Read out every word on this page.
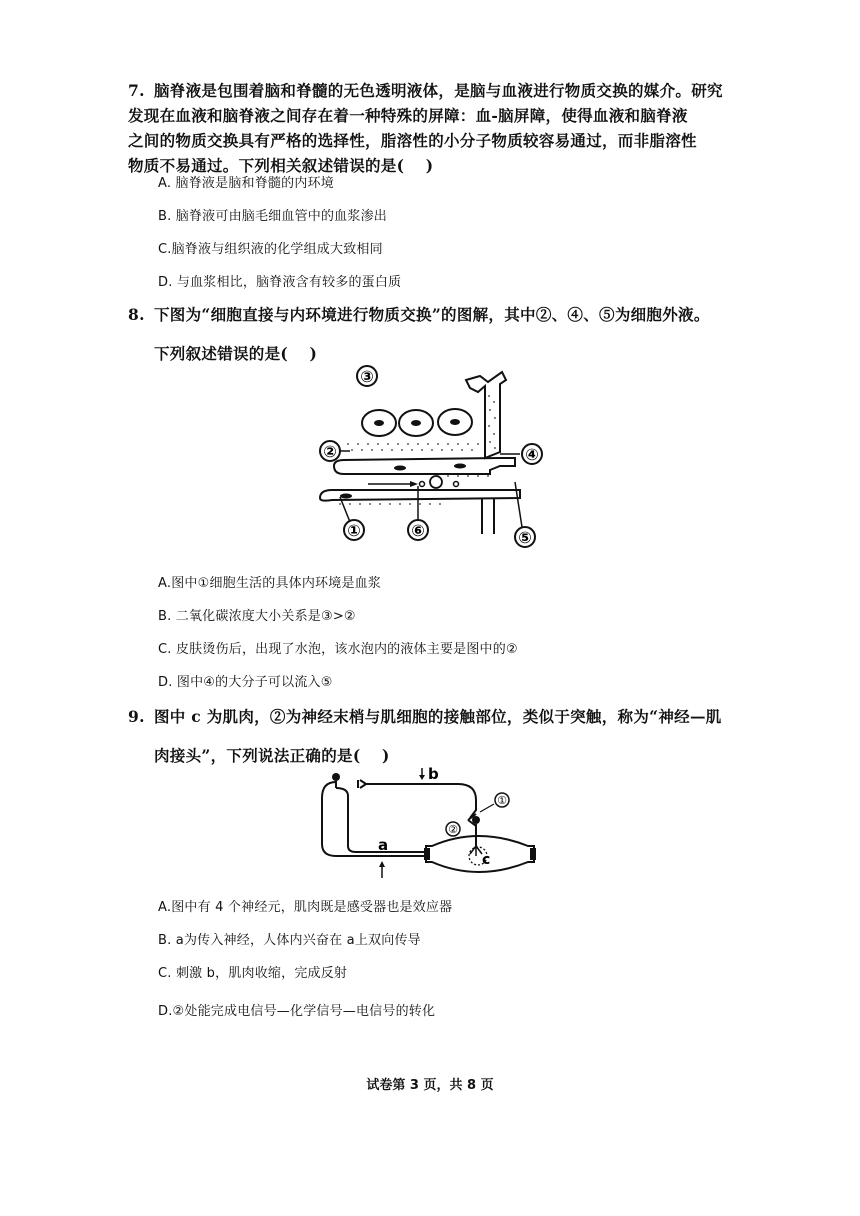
7. 脑脊液是包围着脑和脊髓的无色透明液体，是脑与血液进行物质交换的媒介。研究
发现在血液和脑脊液之间存在着一种特殊的屏障：血-脑屏障，使得血液和脑脊液
之间的物质交换具有严格的选择性，脂溶性的小分子物质较容易通过，而非脂溶性
物质不易通过。下列相关叙述错误的是(　 )
A. 脑脊液是脑和脊髓的内环境
B. 脑脊液可由脑毛细血管中的血浆渗出
C.脑脊液与组织液的化学组成大致相同
D. 与血浆相比，脑脊液含有较多的蛋白质
8. 下图为“细胞直接与内环境进行物质交换”的图解，其中②、④、⑤为细胞外液。
下列叙述错误的是(　 )
③
②	④
①	⑥	⑤
A.图中①细胞生活的具体内环境是血浆
B. 二氧化碳浓度大小关系是③>②
C. 皮肤烫伤后，出现了水泡，该水泡内的液体主要是图中的②
D. 图中④的大分子可以流入⑤
9. 图中 c 为肌肉，②为神经末梢与肌细胞的接触部位，类似于突触，称为“神经—肌
肉接头”，下列说法正确的是(　 )
b
①
②
c
a
A.图中有 4 个神经元，肌肉既是感受器也是效应器
B. a为传入神经，人体内兴奋在 a上双向传导
C. 刺激 b，肌肉收缩，完成反射
D.②处能完成电信号—化学信号—电信号的转化
试卷第 3 页，共 8 页
